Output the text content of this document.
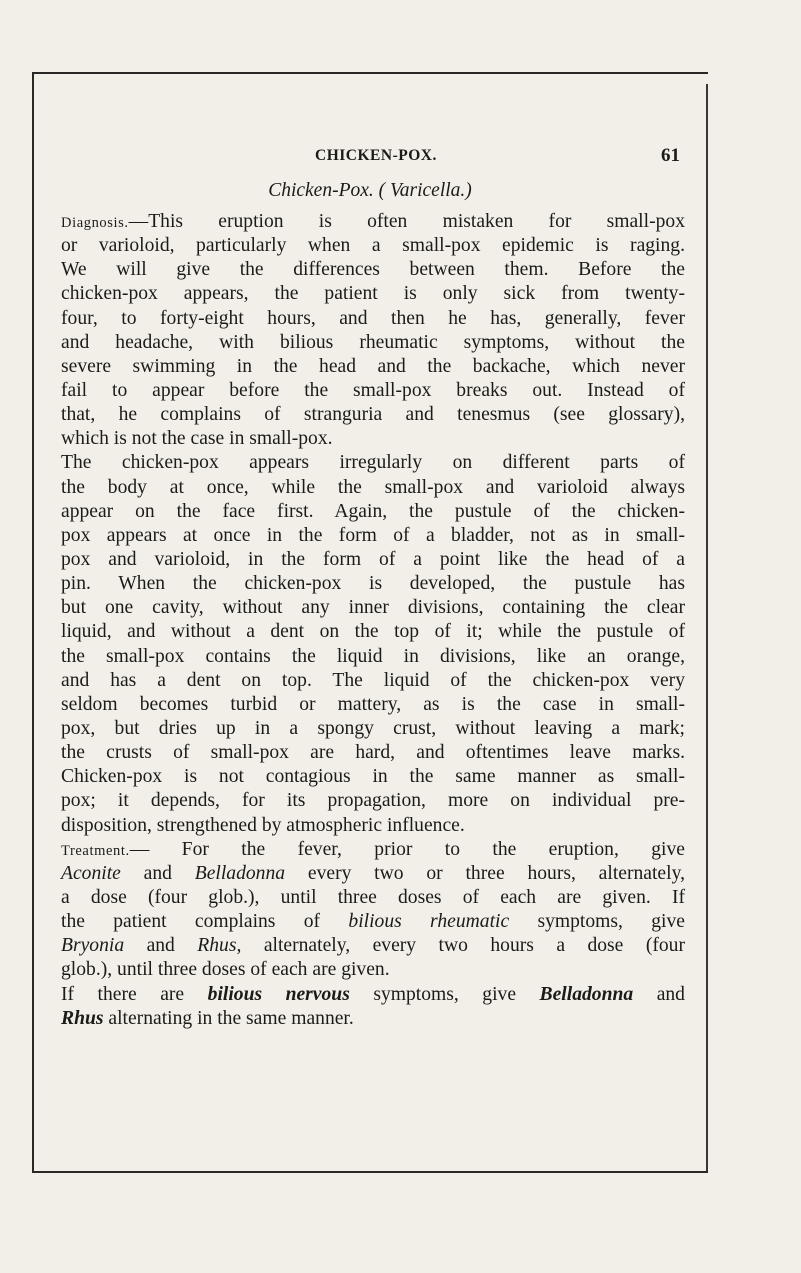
CHICKEN-POX.	61
Chicken-Pox. ( Varicella.)
Diagnosis.—This eruption is often mistaken for small-pox
or varioloid, particularly when a small-pox epidemic is raging.
We will give the differences between them. Before the
chicken-pox appears, the patient is only sick from twenty-
four, to forty-eight hours, and then he has, generally, fever
and headache, with bilious rheumatic symptoms, without the
severe swimming in the head and the backache, which never
fail to appear before the small-pox breaks out. Instead of
that, he complains of stranguria and tenesmus (see glossary),
which is not the case in small-pox.
The chicken-pox appears irregularly on different parts of
the body at once, while the small-pox and varioloid always
appear on the face first. Again, the pustule of the chicken-
pox appears at once in the form of a bladder, not as in small-
pox and varioloid, in the form of a point like the head of a
pin. When the chicken-pox is developed, the pustule has
but one cavity, without any inner divisions, containing the clear
liquid, and without a dent on the top of it; while the pustule of
the small-pox contains the liquid in divisions, like an orange,
and has a dent on top. The liquid of the chicken-pox very
seldom becomes turbid or mattery, as is the case in small-
pox, but dries up in a spongy crust, without leaving a mark;
the crusts of small-pox are hard, and oftentimes leave marks.
Chicken-pox is not contagious in the same manner as small-
pox; it depends, for its propagation, more on individual pre-
disposition, strengthened by atmospheric influence.
Treatment.— For the fever, prior to the eruption, give
Aconite and Belladonna every two or three hours, alternately,
a dose (four glob.), until three doses of each are given. If
the patient complains of bilious rheumatic symptoms, give
Bryonia and Rhus, alternately, every two hours a dose (four
glob.), until three doses of each are given.
If there are bilious nervous symptoms, give Belladonna and
Rhus alternating in the same manner.
